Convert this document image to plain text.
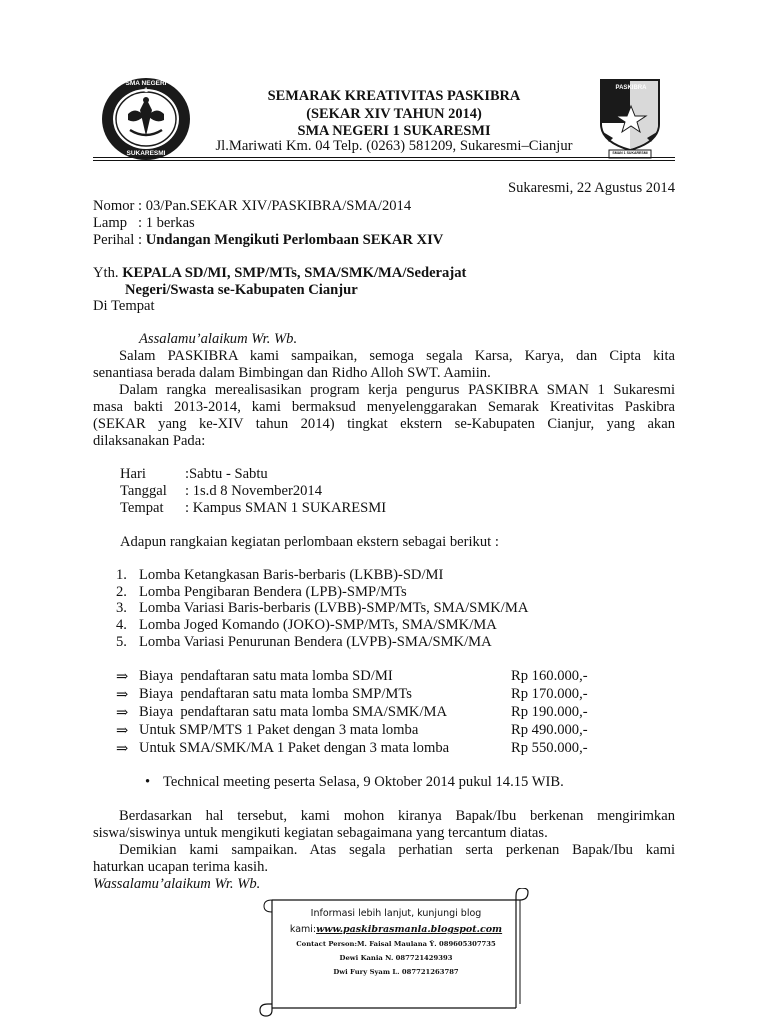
SMA NEGERI 1
SUKARESMI
PASKIBRA
SMAN 1 SUKARESMI
SEMARAK KREATIVITAS PASKIBRA
(SEKAR XIV TAHUN 2014)
SMA NEGERI 1 SUKARESMI
Jl.Mariwati Km. 04 Telp. (0263) 581209, Sukaresmi–Cianjur
Sukaresmi, 22 Agustus 2014
Nomor : 03/Pan.SEKAR XIV/PASKIBRA/SMA/2014
Lamp   : 1 berkas
Perihal : Undangan Mengikuti Perlombaan SEKAR XIV
Yth. KEPALA SD/MI, SMP/MTs, SMA/SMK/MA/Sederajat
Negeri/Swasta se-Kabupaten Cianjur
Di Tempat
Assalamu’alaikum Wr. Wb.
Salam PASKIBRA kami sampaikan, semoga segala Karsa, Karya, dan Cipta kita
senantiasa berada dalam Bimbingan dan Ridho Alloh SWT. Aamiin.
Dalam rangka merealisasikan program kerja pengurus PASKIBRA SMAN 1 Sukaresmi
masa bakti 2013-2014, kami bermaksud menyelenggarakan Semarak Kreativitas Paskibra
(SEKAR yang ke-XIV tahun 2014) tingkat ekstern se-Kabupaten Cianjur, yang akan
dilaksanakan Pada:
Hari	:Sabtu - Sabtu
Tanggal : 1s.d 8 November2014
Tempat : Kampus SMAN 1 SUKARESMI
Adapun rangkaian kegiatan perlombaan ekstern sebagai berikut :
1. Lomba Ketangkasan Baris-berbaris (LKBB)-SD/MI
2. Lomba Pengibaran Bendera (LPB)-SMP/MTs
3. Lomba Variasi Baris-berbaris (LVBB)-SMP/MTs, SMA/SMK/MA
4. Lomba Joged Komando (JOKO)-SMP/MTs, SMA/SMK/MA
5. Lomba Variasi Penurunan Bendera (LVPB)-SMA/SMK/MA
⇒ Biaya  pendaftaran satu mata lomba SD/MI	Rp 160.000,-
⇒ Biaya  pendaftaran satu mata lomba SMP/MTs	Rp 170.000,-
⇒ Biaya  pendaftaran satu mata lomba SMA/SMK/MA	Rp 190.000,-
⇒ Untuk SMP/MTS 1 Paket dengan 3 mata lomba	Rp 490.000,-
⇒ Untuk SMA/SMK/MA 1 Paket dengan 3 mata lomba	Rp 550.000,-
• Technical meeting peserta Selasa, 9 Oktober 2014 pukul 14.15 WIB.
Berdasarkan hal tersebut, kami mohon kiranya Bapak/Ibu berkenan mengirimkan
siswa/siswinya untuk mengikuti kegiatan sebagaimana yang tercantum diatas.
Demikian kami sampaikan. Atas segala perhatian serta perkenan Bapak/Ibu kami
haturkan ucapan terima kasih.
Wassalamu’alaikum Wr. Wb.
Informasi lebih lanjut, kunjungi blog
kami:www.paskibrasmanla.blogspot.com
Contact Person:M. Faisal Maulana Ŷ. 089605307735
Dewi Kania N. 087721429393
Dwi Fury Syam L. 087721263787
